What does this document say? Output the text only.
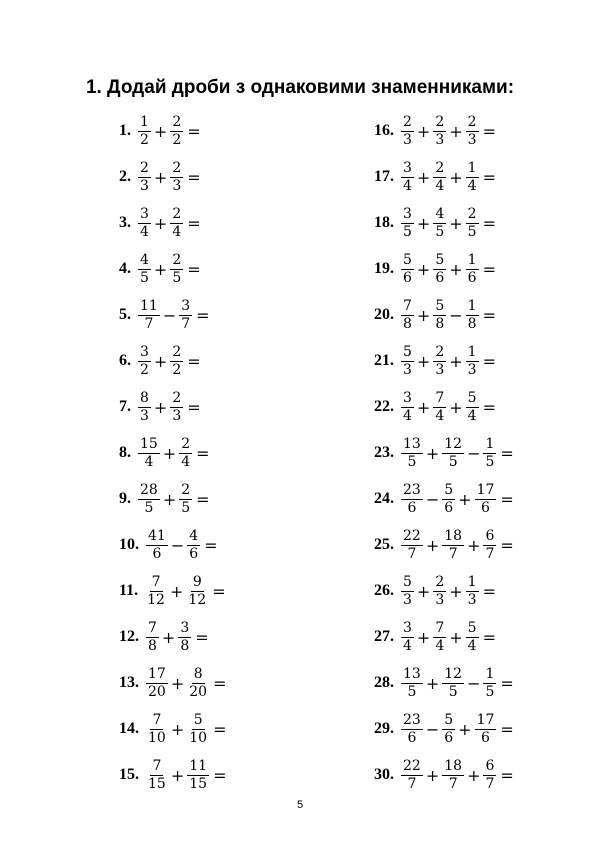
1. Додай дроби з однаковими знаменниками:
1. $\frac{1}{2} + \frac{2}{2}$ =
2. $\frac{2}{3} + \frac{2}{3}$ =
3. $\frac{3}{4} + \frac{2}{4}$ =
4. $\frac{4}{5} + \frac{2}{5}$ =
5. $\frac{11}{7} - \frac{3}{7}$ =
6. $\frac{3}{2} + \frac{2}{2}$ =
7. $\frac{8}{3} + \frac{2}{3}$ =
8. $\frac{15}{4} + \frac{2}{4}$ =
9. $\frac{28}{5} + \frac{2}{5}$ =
10. $\frac{41}{6} - \frac{4}{6}$ =
11. $\frac{7}{12} + \frac{9}{12}$ =
12. $\frac{7}{8} + \frac{3}{8}$ =
13. $\frac{17}{20} + \frac{8}{20}$ =
14. $\frac{7}{10} + \frac{5}{10}$ =
15. $\frac{7}{15} + \frac{11}{15}$ =
16. $\frac{2}{3} + \frac{2}{3} + \frac{2}{3}$ =
17. $\frac{3}{4} + \frac{2}{4} + \frac{1}{4}$ =
18. $\frac{3}{5} + \frac{4}{5} + \frac{2}{5}$ =
19. $\frac{5}{6} + \frac{5}{6} + \frac{1}{6}$ =
20. $\frac{7}{8} + \frac{5}{8} - \frac{1}{8}$ =
21. $\frac{5}{3} + \frac{2}{3} + \frac{1}{3}$ =
22. $\frac{3}{4} + \frac{7}{4} + \frac{5}{4}$ =
23. $\frac{13}{5} + \frac{12}{5} - \frac{1}{5}$ =
24. $\frac{23}{6} - \frac{5}{6} + \frac{17}{6}$ =
25. $\frac{22}{7} + \frac{18}{7} + \frac{6}{7}$ =
26. $\frac{5}{3} + \frac{2}{3} + \frac{1}{3}$ =
27. $\frac{3}{4} + \frac{7}{4} + \frac{5}{4}$ =
28. $\frac{13}{5} + \frac{12}{5} - \frac{1}{5}$ =
29. $\frac{23}{6} - \frac{5}{6} + \frac{17}{6}$ =
30. $\frac{22}{7} + \frac{18}{7} + \frac{6}{7}$ =
5
